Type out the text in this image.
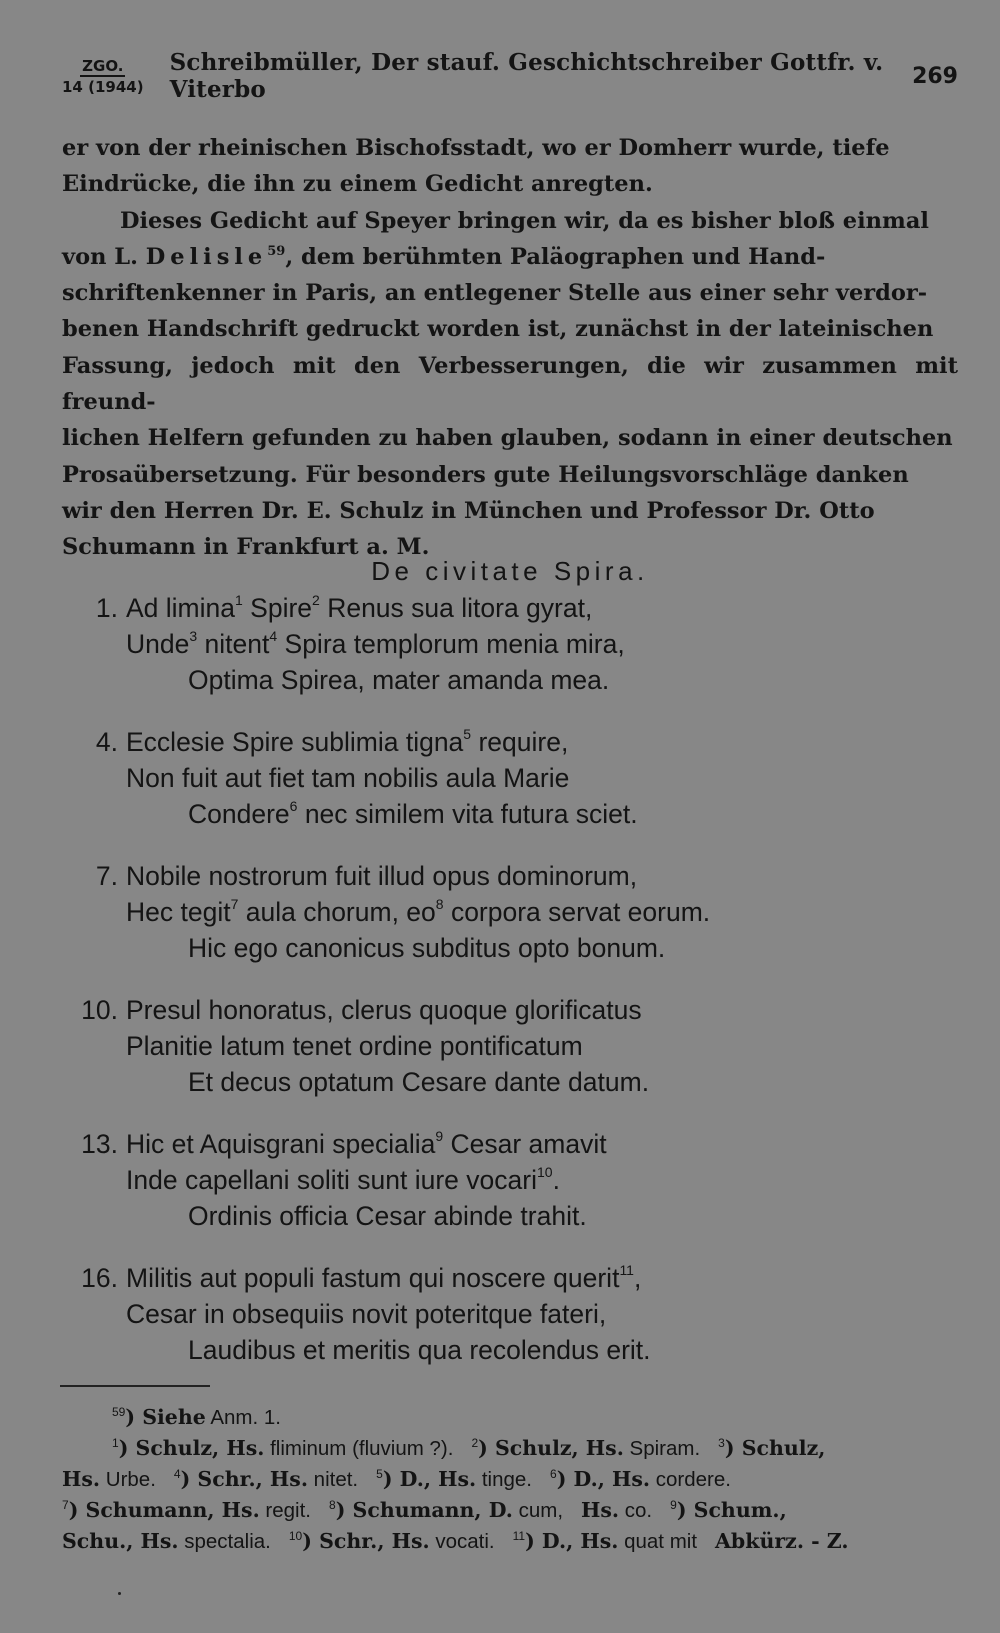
ZGO.
14 (1944)
Schreibmüller, Der stauf. Geschichtschreiber Gottfr. v. Viterbo	269

er von der rheinischen Bischofsstadt, wo er Domherr wurde, tiefe
Eindrücke, die ihn zu einem Gedicht anregten.

Dieses Gedicht auf Speyer bringen wir, da es bisher bloß einmal
von L. Delisle$^{59}$, dem berühmten Paläographen und Hand-
schriftenkenner in Paris, an entlegener Stelle aus einer sehr verdor-
benen Handschrift gedruckt worden ist, zunächst in der lateinischen
Fassung, jedoch mit den Verbesserungen, die wir zusammen mit freund-
lichen Helfern gefunden zu haben glauben, sodann in einer deutschen
Prosaübersetzung. Für besonders gute Heilungsvorschläge danken
wir den Herren Dr. E. Schulz in München und Professor Dr. Otto
Schumann in Frankfurt a. M.

De civitate Spira.
1. Ad limina$^1$ Spire$^2$ Renus sua litora gyrat,
Unde$^3$ nitent$^4$ Spira templorum menia mira,
Optima Spirea, mater amanda mea.
4. Ecclesie Spire sublimia tigna$^5$ require,
Non fuit aut fiet tam nobilis aula Marie
Condere$^6$ nec similem vita futura sciet.
7. Nobile nostrorum fuit illud opus dominorum,
Hec tegit$^7$ aula chorum, $eo^8$ corpora servat eorum.
Hic ego canonicus subditus opto bonum.
10. Presul honoratus, clerus quoque glorificatus
Planitie latum tenet ordine pontificatum
Et decus optatum Cesare dante datum.
13. Hic et Aquisgrani specialia$^9$ Cesar amavit
Inde capellani soliti sunt iure vocari$^{10}$.
Ordinis officia Cesar abinde trahit.
16. Militis aut populi fastum qui noscere querit$^{11}$,
Cesar in obsequiis novit poteritque fateri,
Laudibus et meritis qua recolendus erit.

$^{59}$) Siehe Anm. 1.

$^1$) Schulz, Hs. fliminum (fluvium ?). $^2$) Schulz, Hs. Spiram. $^3$) Schulz,

Hs. Urbe. $^4$) Schr., Hs. nitet. $^5$) D., Hs. tinge. $^6$) D., Hs. cordere.

$^7$) Schumann, Hs. regit. $^8$) Schumann, D. cum, Hs. co. $^9$) Schum.,

Schu., Hs. spectalia. $^{10}$) Schr., Hs. vocati. $^{11}$) D., Hs. quat mit Abkürz. - Z.
